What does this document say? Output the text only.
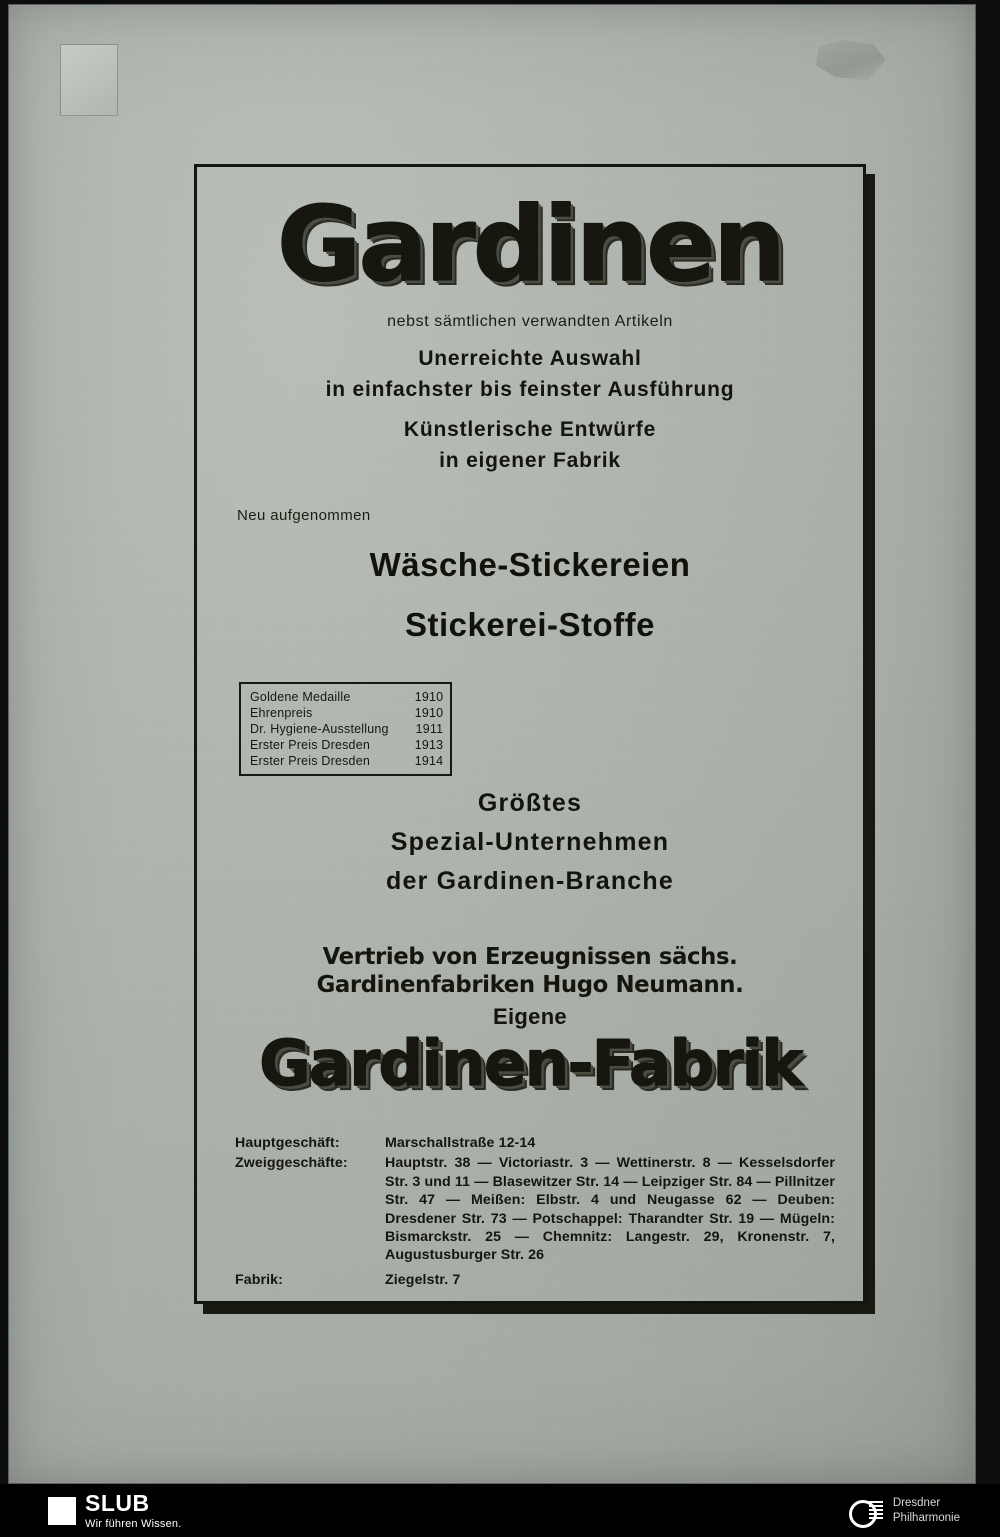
Gardinen
nebst sämtlichen verwandten Artikeln
Unerreichte Auswahl
in einfachster bis feinster Ausführung
Künstlerische Entwürfe
in eigener Fabrik
Neu aufgenommen
Wäsche-Stickereien
Stickerei-Stoffe
Goldene Medaille	1910
Ehrenpreis	1910
Dr. Hygiene-Ausstellung	1911
Erster Preis Dresden	1913
Erster Preis Dresden	1914
Größtes
Spezial-Unternehmen
der Gardinen-Branche
Vertrieb von Erzeugnissen sächs. Gardinenfabriken Hugo Neumann.
Eigene
Gardinen-Fabrik
Hauptgeschäft:	Marschallstraße 12-14
Zweiggeschäfte:	Hauptstr. 38 — Victoriastr. 3 — Wettinerstr. 8 — Kesselsdorfer Str. 3 und 11 — Blasewitzer Str. 14 — Leipziger Str. 84 — Pillnitzer Str. 47 — Meißen: Elbstr. 4 und Neugasse 62 — Deuben: Dresdener Str. 73 — Potschappel: Tharandter Str. 19 — Mügeln: Bismarckstr. 25 — Chemnitz: Langestr. 29, Kronenstr. 7, Augustusburger Str. 26
Fabrik:	Ziegelstr. 7
SLUB
Wir führen Wissen.
Dresdner
Philharmonie
